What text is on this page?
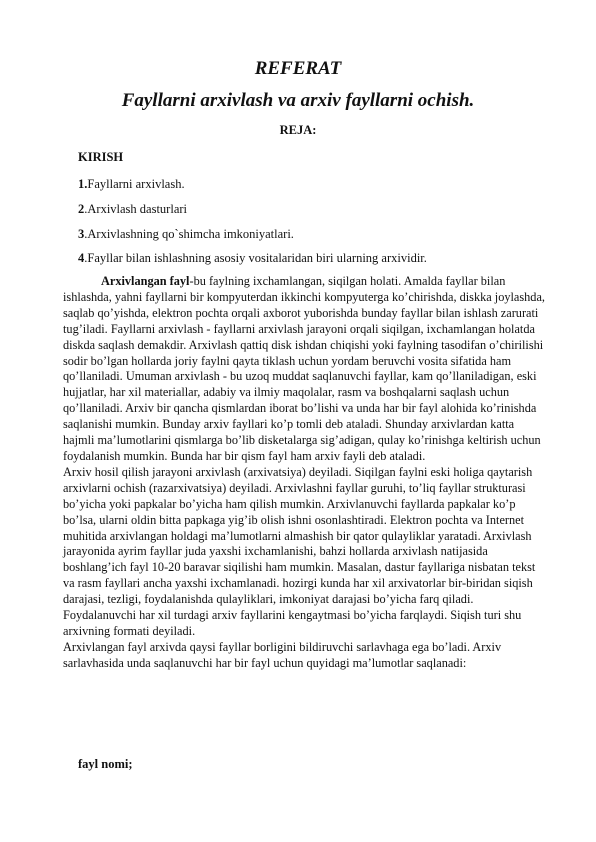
REFERAT
Fayllarni arxivlash va arxiv fayllarni ochish.
REJA:
KIRISH
1.Fayllarni arxivlash.
2.Arxivlash dasturlari
3.Arxivlashning qo`shimcha imkoniyatlari.
4.Fayllar bilan ishlashning asosiy vositalaridan biri ularning arxividir.

Arxivlangan fayl-bu faylning ixchamlangan, siqilgan holati. Amalda fayllar bilan ishlashda, yahni fayllarni bir kompyuterdan ikkinchi kompyuterga ko’chirishda, diskka joylashda, saqlab qo’yishda, elektron pochta orqali axborot yuborishda bunday fayllar bilan ishlash zarurati tug’iladi. Fayllarni arxivlash - fayllarni arxivlash jarayoni orqali siqilgan, ixchamlangan holatda diskda saqlash demakdir. Arxivlash qattiq disk ishdan chiqishi yoki faylning tasodifan o’chirilishi sodir bo’lgan hollarda joriy faylni qayta tiklash uchun yordam beruvchi vosita sifatida ham qo’llaniladi. Umuman arxivlash - bu uzoq muddat saqlanuvchi fayllar, kam qo’llaniladigan, eski hujjatlar, har xil materiallar, adabiy va ilmiy maqolalar, rasm va boshqalarni saqlash uchun qo’llaniladi. Arxiv bir qancha qismlardan iborat bo’lishi va unda har bir fayl alohida ko’rinishda saqlanishi mumkin. Bunday arxiv fayllari ko’p tomli deb ataladi. Shunday arxivlardan katta hajmli ma’lumotlarini qismlarga bo’lib disketalarga sig’adigan, qulay ko’rinishga keltirish uchun foydalanish mumkin. Bunda har bir qism fayl ham arxiv fayli deb ataladi.

Arxiv hosil qilish jarayoni arxivlash (arxivatsiya) deyiladi. Siqilgan faylni eski holiga qaytarish arxivlarni ochish (razarxivatsiya) deyiladi. Arxivlashni fayllar guruhi, to’liq fayllar strukturasi bo’yicha yoki papkalar bo’yicha ham qilish mumkin. Arxivlanuvchi fayllarda papkalar ko’p bo’lsa, ularni oldin bitta papkaga yig’ib olish ishni osonlashtiradi. Elektron pochta va Internet muhitida arxivlangan holdagi ma’lumotlarni almashish bir qator qulayliklar yaratadi. Arxivlash jarayonida ayrim fayllar juda yaxshi ixchamlanishi, bahzi hollarda arxivlash natijasida boshlang’ich fayl 10-20 baravar siqilishi ham mumkin. Masalan, dastur fayllariga nisbatan tekst va rasm fayllari ancha yaxshi ixchamlanadi. hozirgi kunda har xil arxivatorlar bir-biridan siqish darajasi, tezligi, foydalanishda qulayliklari, imkoniyat darajasi bo’yicha farq qiladi. Foydalanuvchi har xil turdagi arxiv fayllarini kengaytmasi bo’yicha farqlaydi. Siqish turi shu arxivning formati deyiladi.

Arxivlangan fayl arxivda qaysi fayllar borligini bildiruvchi sarlavhaga ega bo’ladi. Arxiv sarlavhasida unda saqlanuvchi har bir fayl uchun quyidagi ma’lumotlar saqlanadi:

fayl nomi;
